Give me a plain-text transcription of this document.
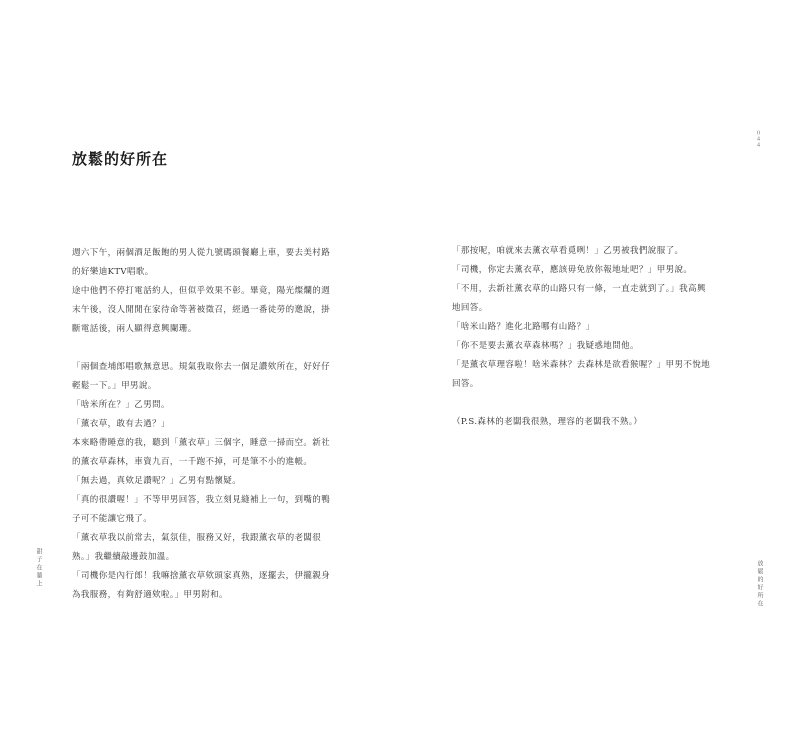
放鬆的好所在

週六下午，兩個酒足飯飽的男人從九號碼頭餐廳上車，要去美村路

的好樂迪KTV唱歌。

途中他們不停打電話約人，但似乎效果不彰。畢竟，陽光燦爛的週

末午後，沒人閒閒在家待命等著被徵召，經過一番徒勞的邀說，掛

斷電話後，兩人顯得意興闌珊。

「兩個查埔郎唱歌無意思。規氣我取你去一個足讚欸所在，好好仔

輕鬆一下。」甲男說。

「啥米所在？」乙男問。

「薰衣草，敢有去過？」

本來略帶睡意的我，聽到「薰衣草」三個字，睡意一掃而空。新社

的薰衣草森林，車資九百，一千跑不掉，可是筆不小的進帳。

「無去過，真欸足讚呢？」乙男有點懷疑。

「真的很讚喔！」不等甲男回答，我立刻見縫補上一句，到嘴的鴨

子可不能讓它飛了。

「薰衣草我以前常去，氣氛佳，服務又好，我跟薰衣草的老闆很

熟。」我繼續敲邊鼓加溫。

「司機你是內行郎！我嘛捨薰衣草欸頭家真熟，逐擺去，伊攏親身

為我服務，有夠舒適欸啦。」甲男附和。

甜子在牆上
０４４

「那按呢，咱就來去薰衣草看覓咧！」乙男被我們說服了。

「司機，你定去薰衣草，應該毋免放你報地址吧？」甲男說。

「不用，去新社薰衣草的山路只有一條，一直走就到了。」我高興

地回答。

「啥米山路？進化北路哪有山路？」

「你不是要去薰衣草森林嗎？」我疑惑地問他。

「是薰衣草理容啦！啥米森林？去森林是欲看猴喔？」甲男不悅地

回答。

（P.S.森林的老闆我很熟，理容的老闆我不熟。）

放鬆的好所在
